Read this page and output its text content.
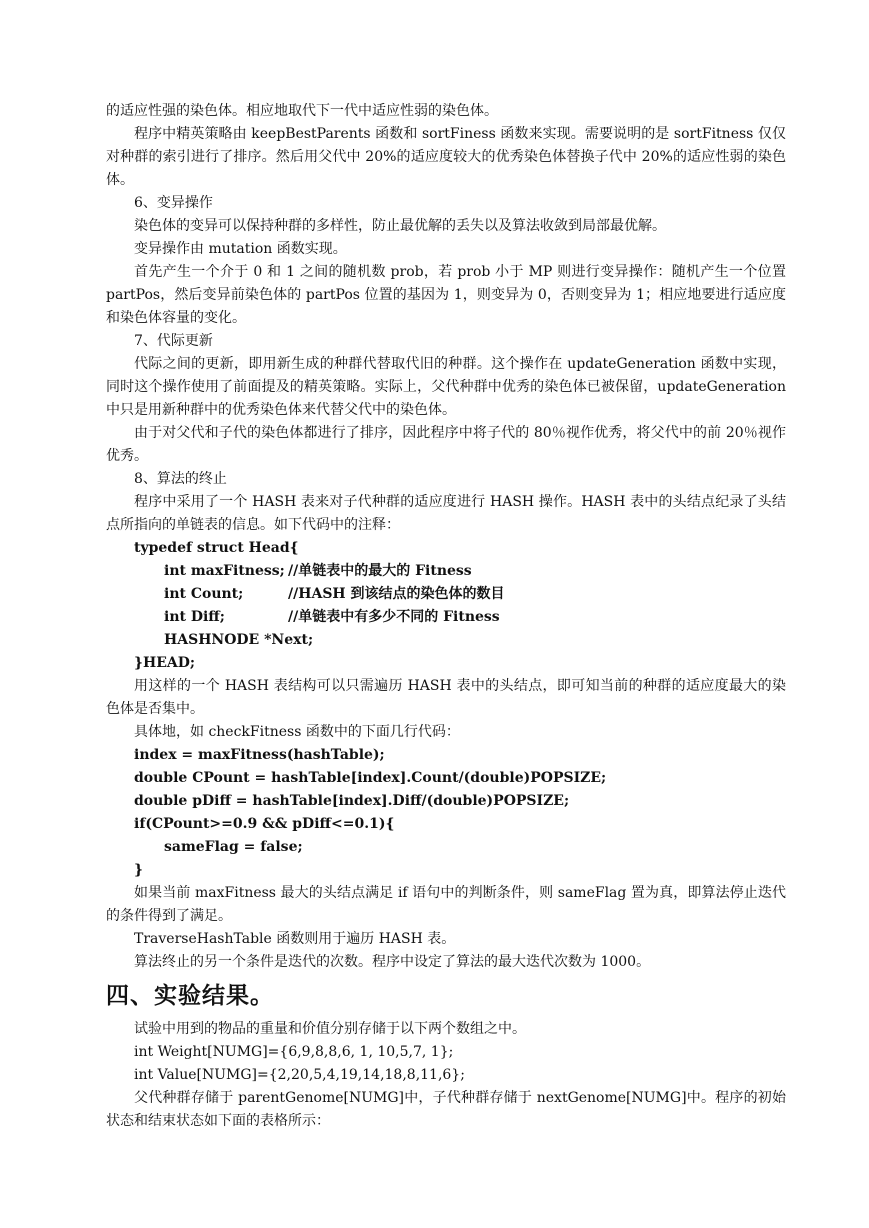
的适应性强的染色体。相应地取代下一代中适应性弱的染色体。

程序中精英策略由 keepBestParents 函数和 sortFiness 函数来实现。需要说明的是 sortFitness 仅仅对种群的索引进行了排序。然后用父代中 20%的适应度较大的优秀染色体替换子代中 20%的适应性弱的染色体。

6、变异操作

染色体的变异可以保持种群的多样性，防止最优解的丢失以及算法收敛到局部最优解。

变异操作由 mutation 函数实现。

首先产生一个介于 0 和 1 之间的随机数 prob，若 prob 小于 MP 则进行变异操作：随机产生一个位置 partPos，然后变异前染色体的 partPos 位置的基因为 1，则变异为 0，否则变异为 1；相应地要进行适应度和染色体容量的变化。

7、代际更新

代际之间的更新，即用新生成的种群代替取代旧的种群。这个操作在 updateGeneration 函数中实现，同时这个操作使用了前面提及的精英策略。实际上，父代种群中优秀的染色体已被保留，updateGeneration 中只是用新种群中的优秀染色体来代替父代中的染色体。

由于对父代和子代的染色体都进行了排序，因此程序中将子代的 80％视作优秀，将父代中的前 20％视作优秀。

8、算法的终止

程序中采用了一个 HASH 表来对子代种群的适应度进行 HASH 操作。HASH 表中的头结点纪录了头结点所指向的单链表的信息。如下代码中的注释：

typedef struct Head{
int maxFitness; //单链表中的最大的 Fitness
int Count;	//HASH 到该结点的染色体的数目
int Diff;	//单链表中有多少不同的 Fitness
HASHNODE *Next;
}HEAD;

用这样的一个 HASH 表结构可以只需遍历 HASH 表中的头结点，即可知当前的种群的适应度最大的染色体是否集中。

具体地，如 checkFitness 函数中的下面几行代码：

index = maxFitness(hashTable);
double CPount = hashTable[index].Count/(double)POPSIZE;
double pDiff = hashTable[index].Diff/(double)POPSIZE;
if(CPount>=0.9 && pDiff<=0.1){
sameFlag = false;
}

如果当前 maxFitness 最大的头结点满足 if 语句中的判断条件，则 sameFlag 置为真，即算法停止迭代的条件得到了满足。

TraverseHashTable 函数则用于遍历 HASH 表。

算法终止的另一个条件是迭代的次数。程序中设定了算法的最大迭代次数为 1000。

四、实验结果。

试验中用到的物品的重量和价值分别存储于以下两个数组之中。

int Weight[NUMG]={6,9,8,8,6, 1, 10,5,7, 1};

int Value[NUMG]={2,20,5,4,19,14,18,8,11,6};

父代种群存储于 parentGenome[NUMG]中，子代种群存储于 nextGenome[NUMG]中。程序的初始状态和结束状态如下面的表格所示：
